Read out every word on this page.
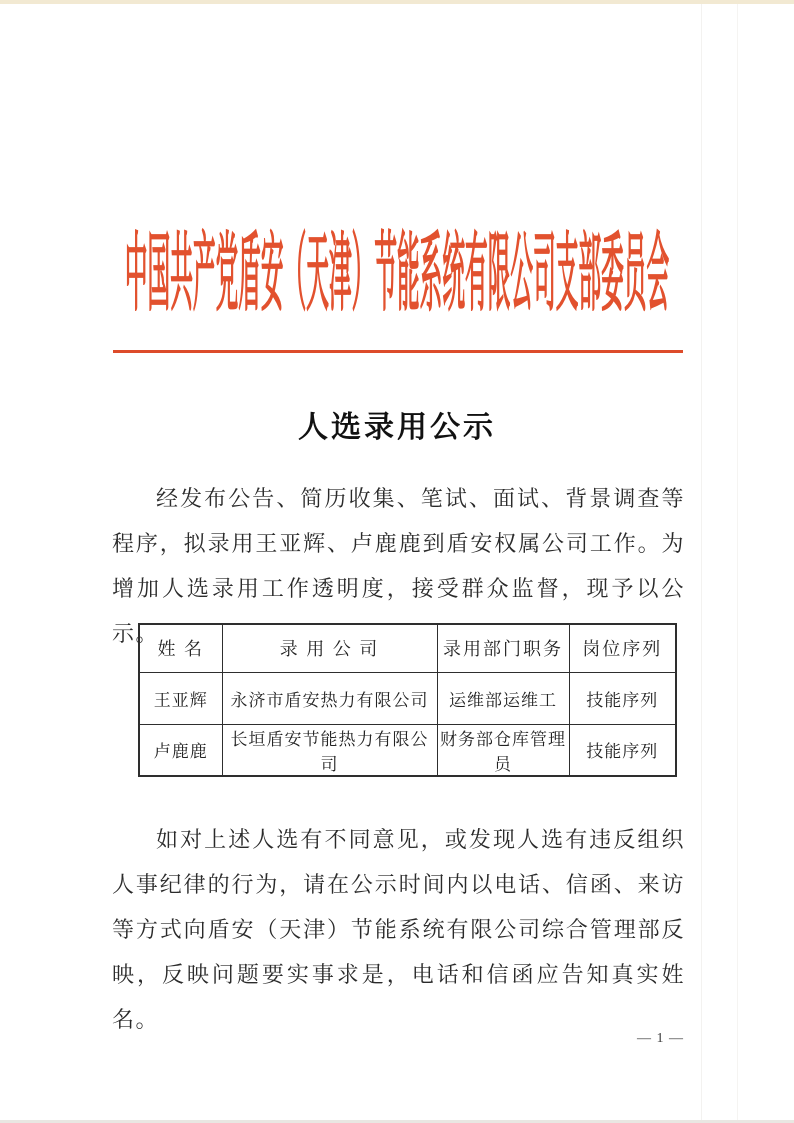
中国共产党盾安（天津）节能系统有限公司支部委员会
人选录用公示

经发布公告、简历收集、笔试、面试、背景调查等程序，拟录用王亚辉、卢鹿鹿到盾安权属公司工作。为增加人选录用工作透明度，接受群众监督，现予以公示。

姓 名	录 用 公 司	录用部门职务	岗位序列
王亚辉	永济市盾安热力有限公司	运维部运维工	技能序列
卢鹿鹿	长垣盾安节能热力有限公司	财务部仓库管理员	技能序列

如对上述人选有不同意见，或发现人选有违反组织人事纪律的行为，请在公示时间内以电话、信函、来访等方式向盾安（天津）节能系统有限公司综合管理部反映，反映问题要实事求是，电话和信函应告知真实姓名。

— 1 —
